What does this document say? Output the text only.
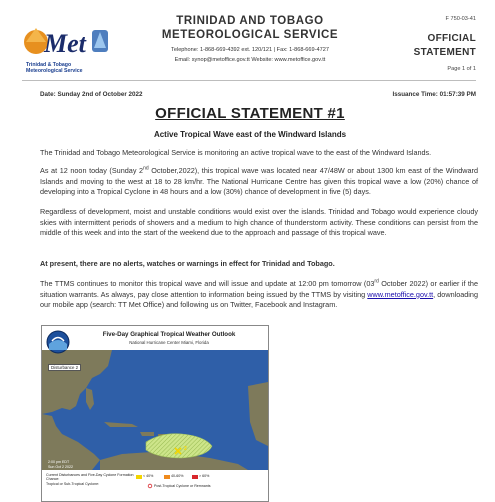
Met
Trinidad & Tobago
Meteorological Service
TRINIDAD AND TOBAGO
METEOROLOGICAL SERVICE
Telephone: 1-868-669-4392 ext. 120/121 | Fax: 1-868-669-4727
Email: synop@metoffice.gov.tt Website: www.metoffice.gov.tt
F 750-03-41
OFFICIAL
STATEMENT
Page 1 of 1
Date: Sunday 2nd of October 2022	Issuance Time: 01:57:39 PM
OFFICIAL STATEMENT #1
Active Tropical Wave east of the Windward Islands
The Trinidad and Tobago Meteorological Service is monitoring an active tropical wave to the east of the Windward Islands.
As at 12 noon today (Sunday 2nd October,2022), this tropical wave was located near 47/48W or about 1300 km east of the Windward Islands and moving to the west at 18 to 28 km/hr. The National Hurricane Centre has given this tropical wave a low (20%) chance of developing into a Tropical Cyclone in 48 hours and a low (30%) chance of development in five (5) days.
Regardless of development, moist and unstable conditions would exist over the islands. Trinidad and Tobago would experience cloudy skies with intermittent periods of showers and a medium to high chance of thunderstorm activity. These conditions can persist from the middle of this week and into the start of the weekend due to the approach and passage of this tropical wave.
At present, there are no alerts, watches or warnings in effect for Trinidad and Tobago.
The TTMS continues to monitor this tropical wave and will issue and update at 12:00 pm tomorrow (03rd October 2022) or earlier if the situation warrants. As always, pay close attention to information being issued by the TTMS by visiting www.metoffice.gov.tt, downloading our mobile app (search: TT Met Office) and following us on Twitter, Facebook and Instagram.
2
Five-Day Graphical Tropical Weather Outlook
National Hurricane Center Miami, Florida
Disturbance 2
2:00 pm EDT
Sun Oct 2 2022
Current Disturbances and Five-Day Cyclone Formation Chance:
Tropical or Sub-Tropical Cyclone:
< 40%	40-60%	> 60%
Post-Tropical Cyclone or Remnants
